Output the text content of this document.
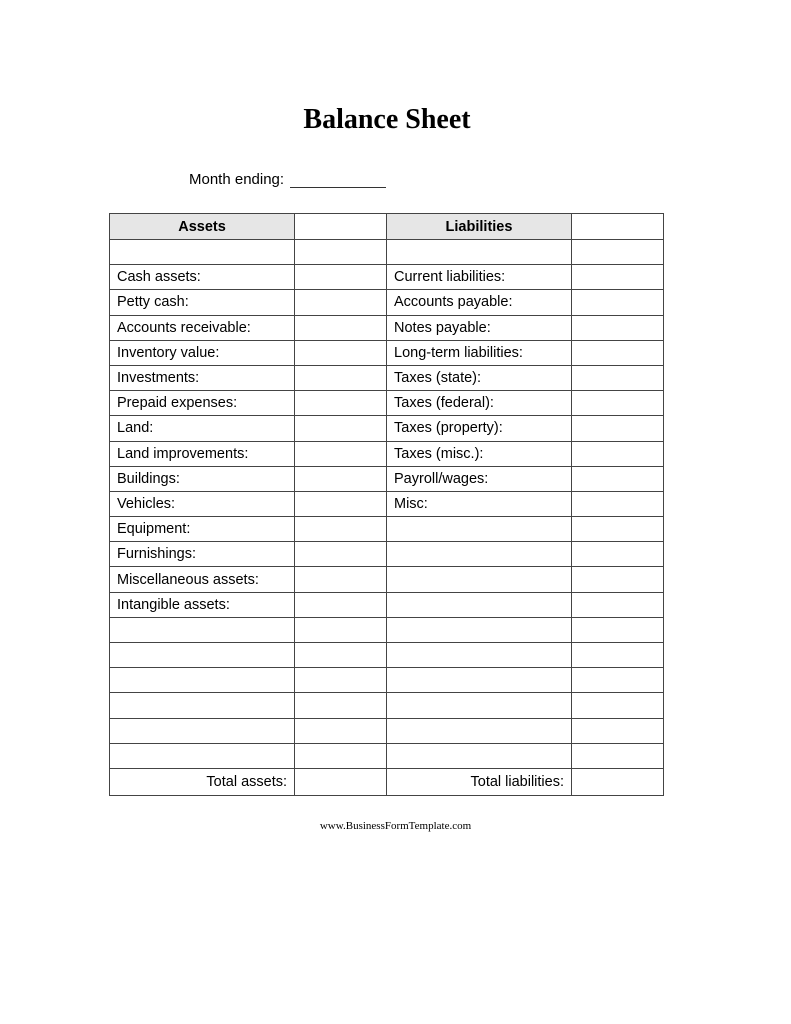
Balance Sheet
Month ending:
Assets		Liabilities	

Cash assets:		Current liabilities:	
Petty cash:		Accounts payable:	
Accounts receivable:		Notes payable:	
Inventory value:		Long-term liabilities:	
Investments:		Taxes (state):	
Prepaid expenses:		Taxes (federal):	
Land:		Taxes (property):	
Land improvements:		Taxes (misc.):	
Buildings:		Payroll/wages:	
Vehicles:		Misc:	
Equipment:			
Furnishings:			
Miscellaneous assets:			
Intangible assets:			

Total assets:		Total liabilities:	
www.BusinessFormTemplate.com
